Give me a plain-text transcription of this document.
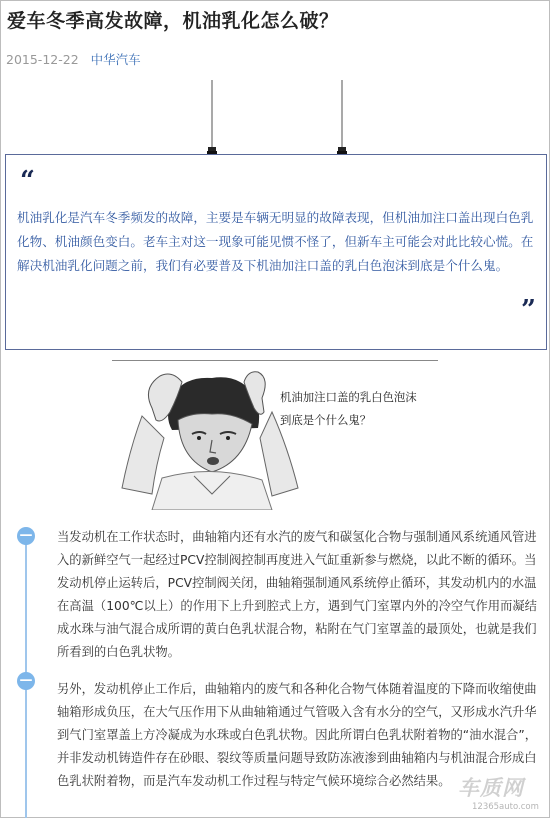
爱车冬季高发故障，机油乳化怎么破？
2015-12-22 中华汽车
“
机油乳化是汽车冬季频发的故障，主要是车辆无明显的故障表现，但机油加注口盖出现白色乳化物、机油颜色变白。老车主对这一现象可能见惯不怪了，但新车主可能会对此比较心慌。在解决机油乳化问题之前，我们有必要普及下机油加注口盖的乳白色泡沫到底是个什么鬼。
”
机油加注口盖的乳白色泡沫
到底是个什么鬼？
—
—
当发动机在工作状态时，曲轴箱内还有水汽的废气和碳氢化合物与强制通风系统通风管进入的新鲜空气一起经过PCV控制阀控制再度进入气缸重新参与燃烧，以此不断的循环。当发动机停止运转后，PCV控制阀关闭，曲轴箱强制通风系统停止循环，其发动机内的水温在高温（100℃以上）的作用下上升到腔式上方，遇到气门室罩内外的冷空气作用而凝结成水珠与油气混合成所谓的黄白色乳状混合物，粘附在气门室罩盖的最顶处，也就是我们所看到的白色乳状物。
另外，发动机停止工作后，曲轴箱内的废气和各种化合物气体随着温度的下降而收缩使曲轴箱形成负压，在大气压作用下从曲轴箱通过气管吸入含有水分的空气，又形成水汽升华到气门室罩盖上方冷凝成为水珠或白色乳状物。因此所谓白色乳状附着物的“油水混合”，并非发动机铸造件存在砂眼、裂纹等质量问题导致防冻液渗到曲轴箱内与机油混合形成白色乳状附着物，而是汽车发动机工作过程与特定气候环境综合必然结果。 车质网
12365auto.com
